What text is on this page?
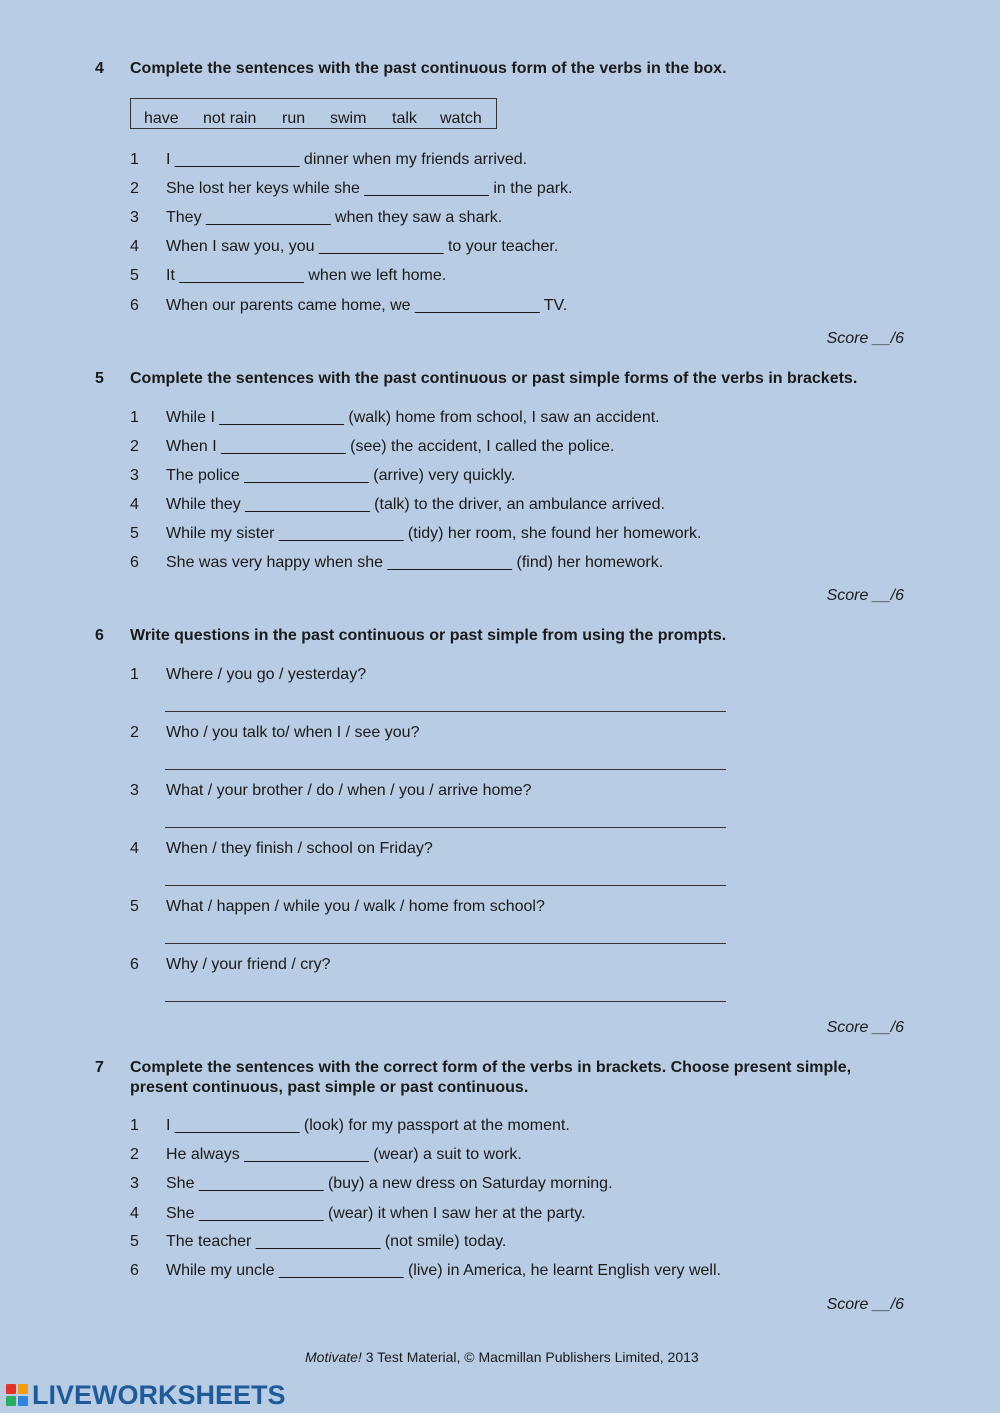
4 Complete the sentences with the past continuous form of the verbs in the box.
have not rain run swim talk watch
1 I ______________ dinner when my friends arrived.
2 She lost her keys while she ______________ in the park.
3 They ______________ when they saw a shark.
4 When I saw you, you ______________ to your teacher.
5 It ______________ when we left home.
6 When our parents came home, we ______________ TV.
Score __/6
5 Complete the sentences with the past continuous or past simple forms of the verbs in brackets.
1 While I ______________ (walk) home from school, I saw an accident.
2 When I ______________ (see) the accident, I called the police.
3 The police ______________ (arrive) very quickly.
4 While they ______________ (talk) to the driver, an ambulance arrived.
5 While my sister ______________ (tidy) her room, she found her homework.
6 She was very happy when she ______________ (find) her homework.
Score __/6
6 Write questions in the past continuous or past simple from using the prompts.
1 Where / you go / yesterday?
2 Who / you talk to/ when I / see you?
3 What / your brother / do / when / you / arrive home?
4 When / they finish / school on Friday?
5 What / happen / while you / walk / home from school?
6 Why / your friend / cry?
Score __/6
7 Complete the sentences with the correct form of the verbs in brackets. Choose present simple,
present continuous, past simple or past continuous.
1 I ______________ (look) for my passport at the moment.
2 He always ______________ (wear) a suit to work.
3 She ______________ (buy) a new dress on Saturday morning.
4 She ______________ (wear) it when I saw her at the party.
5 The teacher ______________ (not smile) today.
6 While my uncle ______________ (live) in America, he learnt English very well.
Score __/6
Motivate! 3 Test Material, © Macmillan Publishers Limited, 2013
LIVEWORKSHEETS
